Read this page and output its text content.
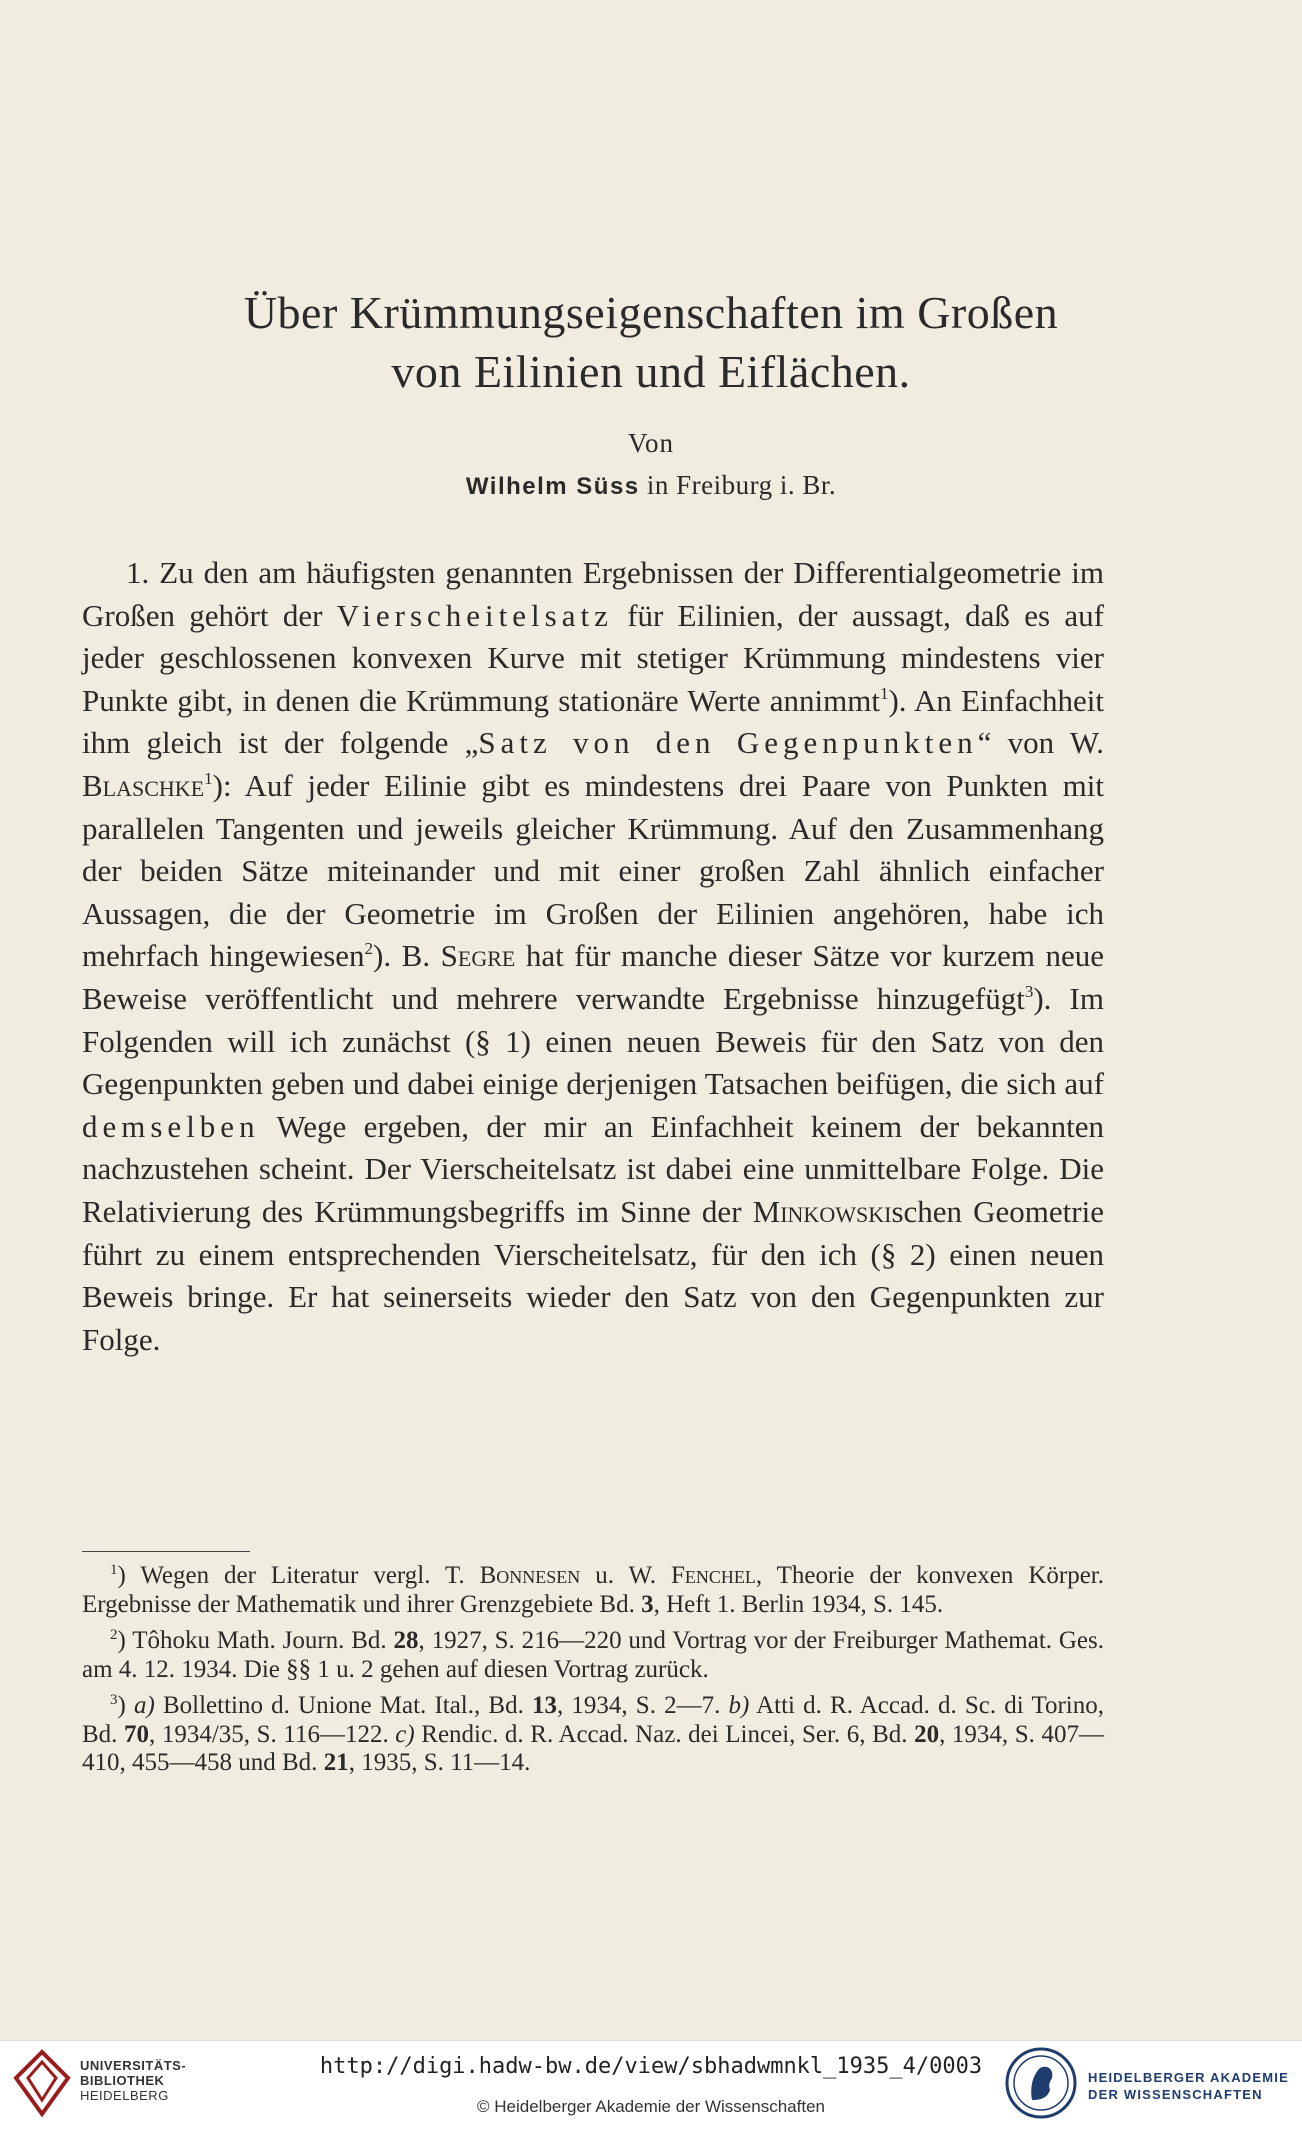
Über Krümmungseigenschaften im Großen
von Eilinien und Eiflächen.
Von
Wilhelm Süss in Freiburg i. Br.

1. Zu den am häufigsten genannten Ergebnissen der Differentialgeometrie im Großen gehört der Vierscheitelsatz für Eilinien, der aussagt, daß es auf jeder geschlossenen konvexen Kurve mit stetiger Krümmung mindestens vier Punkte gibt, in denen die Krümmung stationäre Werte annimmt$^1$). An Einfachheit ihm gleich ist der folgende „Satz von den Gegenpunkten“ von W. Blaschke$^1$): Auf jeder Eilinie gibt es mindestens drei Paare von Punkten mit parallelen Tangenten und jeweils gleicher Krümmung. Auf den Zusammenhang der beiden Sätze miteinander und mit einer großen Zahl ähnlich einfacher Aussagen, die der Geometrie im Großen der Eilinien angehören, habe ich mehrfach hingewiesen$^2$). B. Segre hat für manche dieser Sätze vor kurzem neue Beweise veröffentlicht und mehrere verwandte Ergebnisse hinzugefügt$^3$). Im Folgenden will ich zunächst (§ 1) einen neuen Beweis für den Satz von den Gegenpunkten geben und dabei einige derjenigen Tatsachen beifügen, die sich auf demselben Wege ergeben, der mir an Einfachheit keinem der bekannten nachzustehen scheint. Der Vierscheitelsatz ist dabei eine unmittelbare Folge. Die Relativierung des Krümmungsbegriffs im Sinne der Minkowskischen Geometrie führt zu einem entsprechenden Vierscheitelsatz, für den ich (§ 2) einen neuen Beweis bringe. Er hat seinerseits wieder den Satz von den Gegenpunkten zur Folge.

$^1$) Wegen der Literatur vergl. T. Bonnesen u. W. Fenchel, Theorie der konvexen Körper. Ergebnisse der Mathematik und ihrer Grenzgebiete Bd. 3, Heft 1. Berlin 1934, S. 145.

$^2$) Tôhoku Math. Journ. Bd. 28, 1927, S. 216—220 und Vortrag vor der Freiburger Mathemat. Ges. am 4. 12. 1934. Die §§ 1 u. 2 gehen auf diesen Vortrag zurück.

$^3$) a) Bollettino d. Unione Mat. Ital., Bd. 13, 1934, S. 2—7. b) Atti d. R. Accad. d. Sc. di Torino, Bd. 70, 1934/35, S. 116—122. c) Rendic. d. R. Accad. Naz. dei Lincei, Ser. 6, Bd. 20, 1934, S. 407—410, 455—458 und Bd. 21, 1935, S. 11—14.

UNIVERSITÄTS-
BIBLIOTHEK
HEIDELBERG
http://digi.hadw-bw.de/view/sbhadwmnkl_1935_4/0003
© Heidelberger Akademie der Wissenschaften
HEIDELBERGER AKADEMIE
DER WISSENSCHAFTEN
